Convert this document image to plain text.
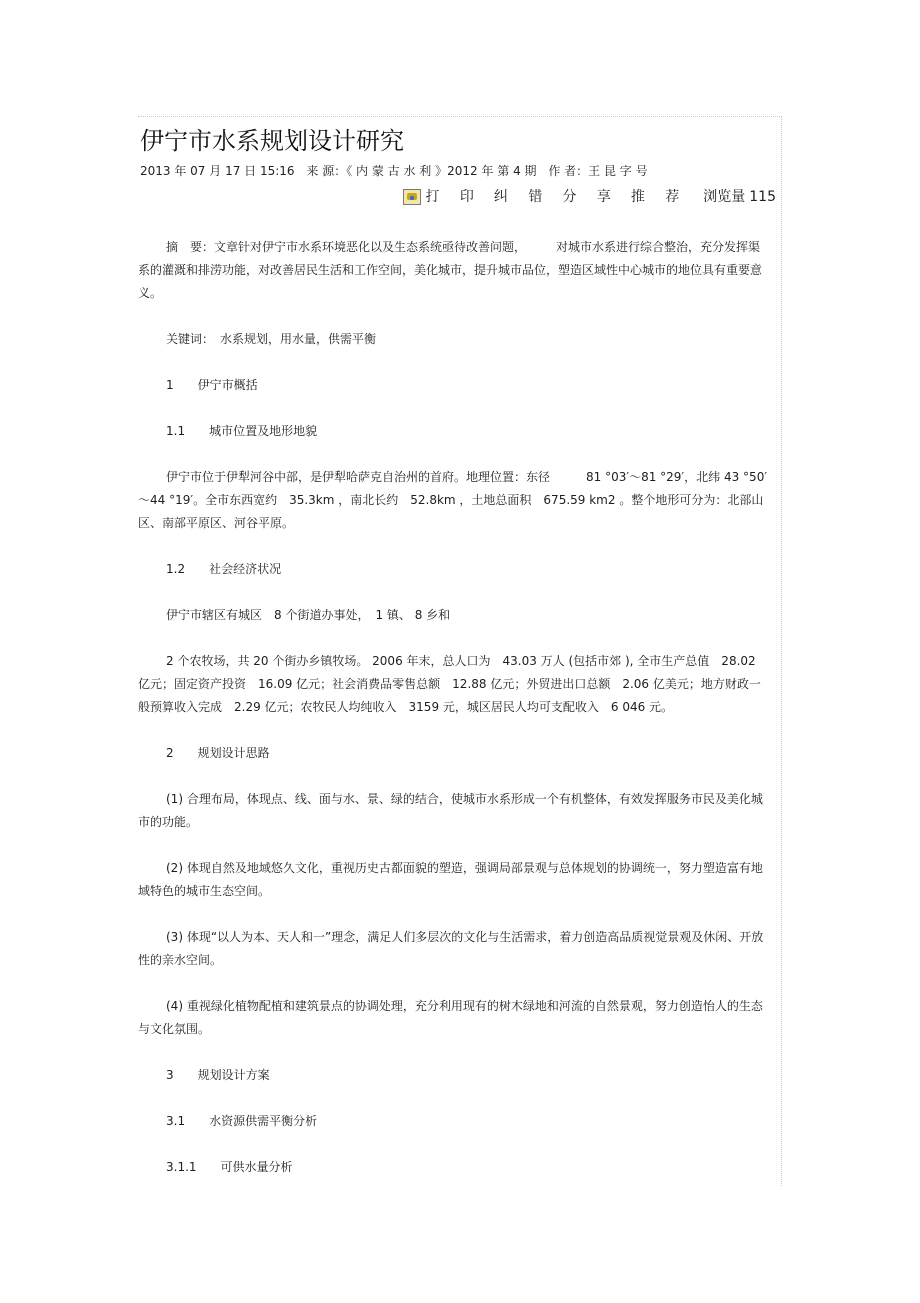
伊宁市水系规划设计研究
2013 年 07 月 17 日 15:16 来 源：《 内 蒙 古 水 利 》2012 年 第 4 期 作 者：王 昆 字 号
打 印 纠 错 分 享 推 荐 浏览量 115

摘　要：文章针对伊宁市水系环境恶化以及生态系统亟待改善问题，　　　对城市水系进行综合整治，充分发挥渠系的灌溉和排涝功能，对改善居民生活和工作空间，美化城市，提升城市品位，塑造区域性中心城市的地位具有重要意义。

关键词：　水系规划，用水量，供需平衡

1　　伊宁市概括

1.1　　城市位置及地形地貌

伊宁市位于伊犁河谷中部，是伊犁哈萨克自治州的首府。地理位置：东径　　　81 °03′～81 °29′，北纬 43 °50′～44 °19′。全市东西宽约　35.3km ，南北长约　52.8km ，土地总面积　675.59 km2 。整个地形可分为：北部山区、南部平原区、河谷平原。

1.2　　社会经济状况

伊宁市辖区有城区　8 个街道办事处，　1 镇、 8 乡和

2 个农牧场，共 20 个街办乡镇牧场。 2006 年末，总人口为　43.03 万人 (包括市郊 ), 全市生产总值　28.02 亿元；固定资产投资　16.09 亿元；社会消费品零售总额　12.88 亿元；外贸进出口总额　2.06 亿美元；地方财政一般预算收入完成　2.29 亿元；农牧民人均纯收入　3159 元，城区居民人均可支配收入　6 046 元。

2　　规划设计思路

(1) 合理布局，体现点、线、面与水、景、绿的结合，使城市水系形成一个有机整体，有效发挥服务市民及美化城市的功能。

(2) 体现自然及地域悠久文化，重视历史古都面貌的塑造，强调局部景观与总体规划的协调统一，努力塑造富有地域特色的城市生态空间。

(3) 体现“以人为本、天人和一”理念，满足人们多层次的文化与生活需求，着力创造高品质视觉景观及休闲、开放性的亲水空间。

(4) 重视绿化植物配植和建筑景点的协调处理，充分利用现有的树木绿地和河流的自然景观，努力创造怡人的生态与文化氛围。

3　　规划设计方案

3.1　　水资源供需平衡分析

3.1.1　　可供水量分析
